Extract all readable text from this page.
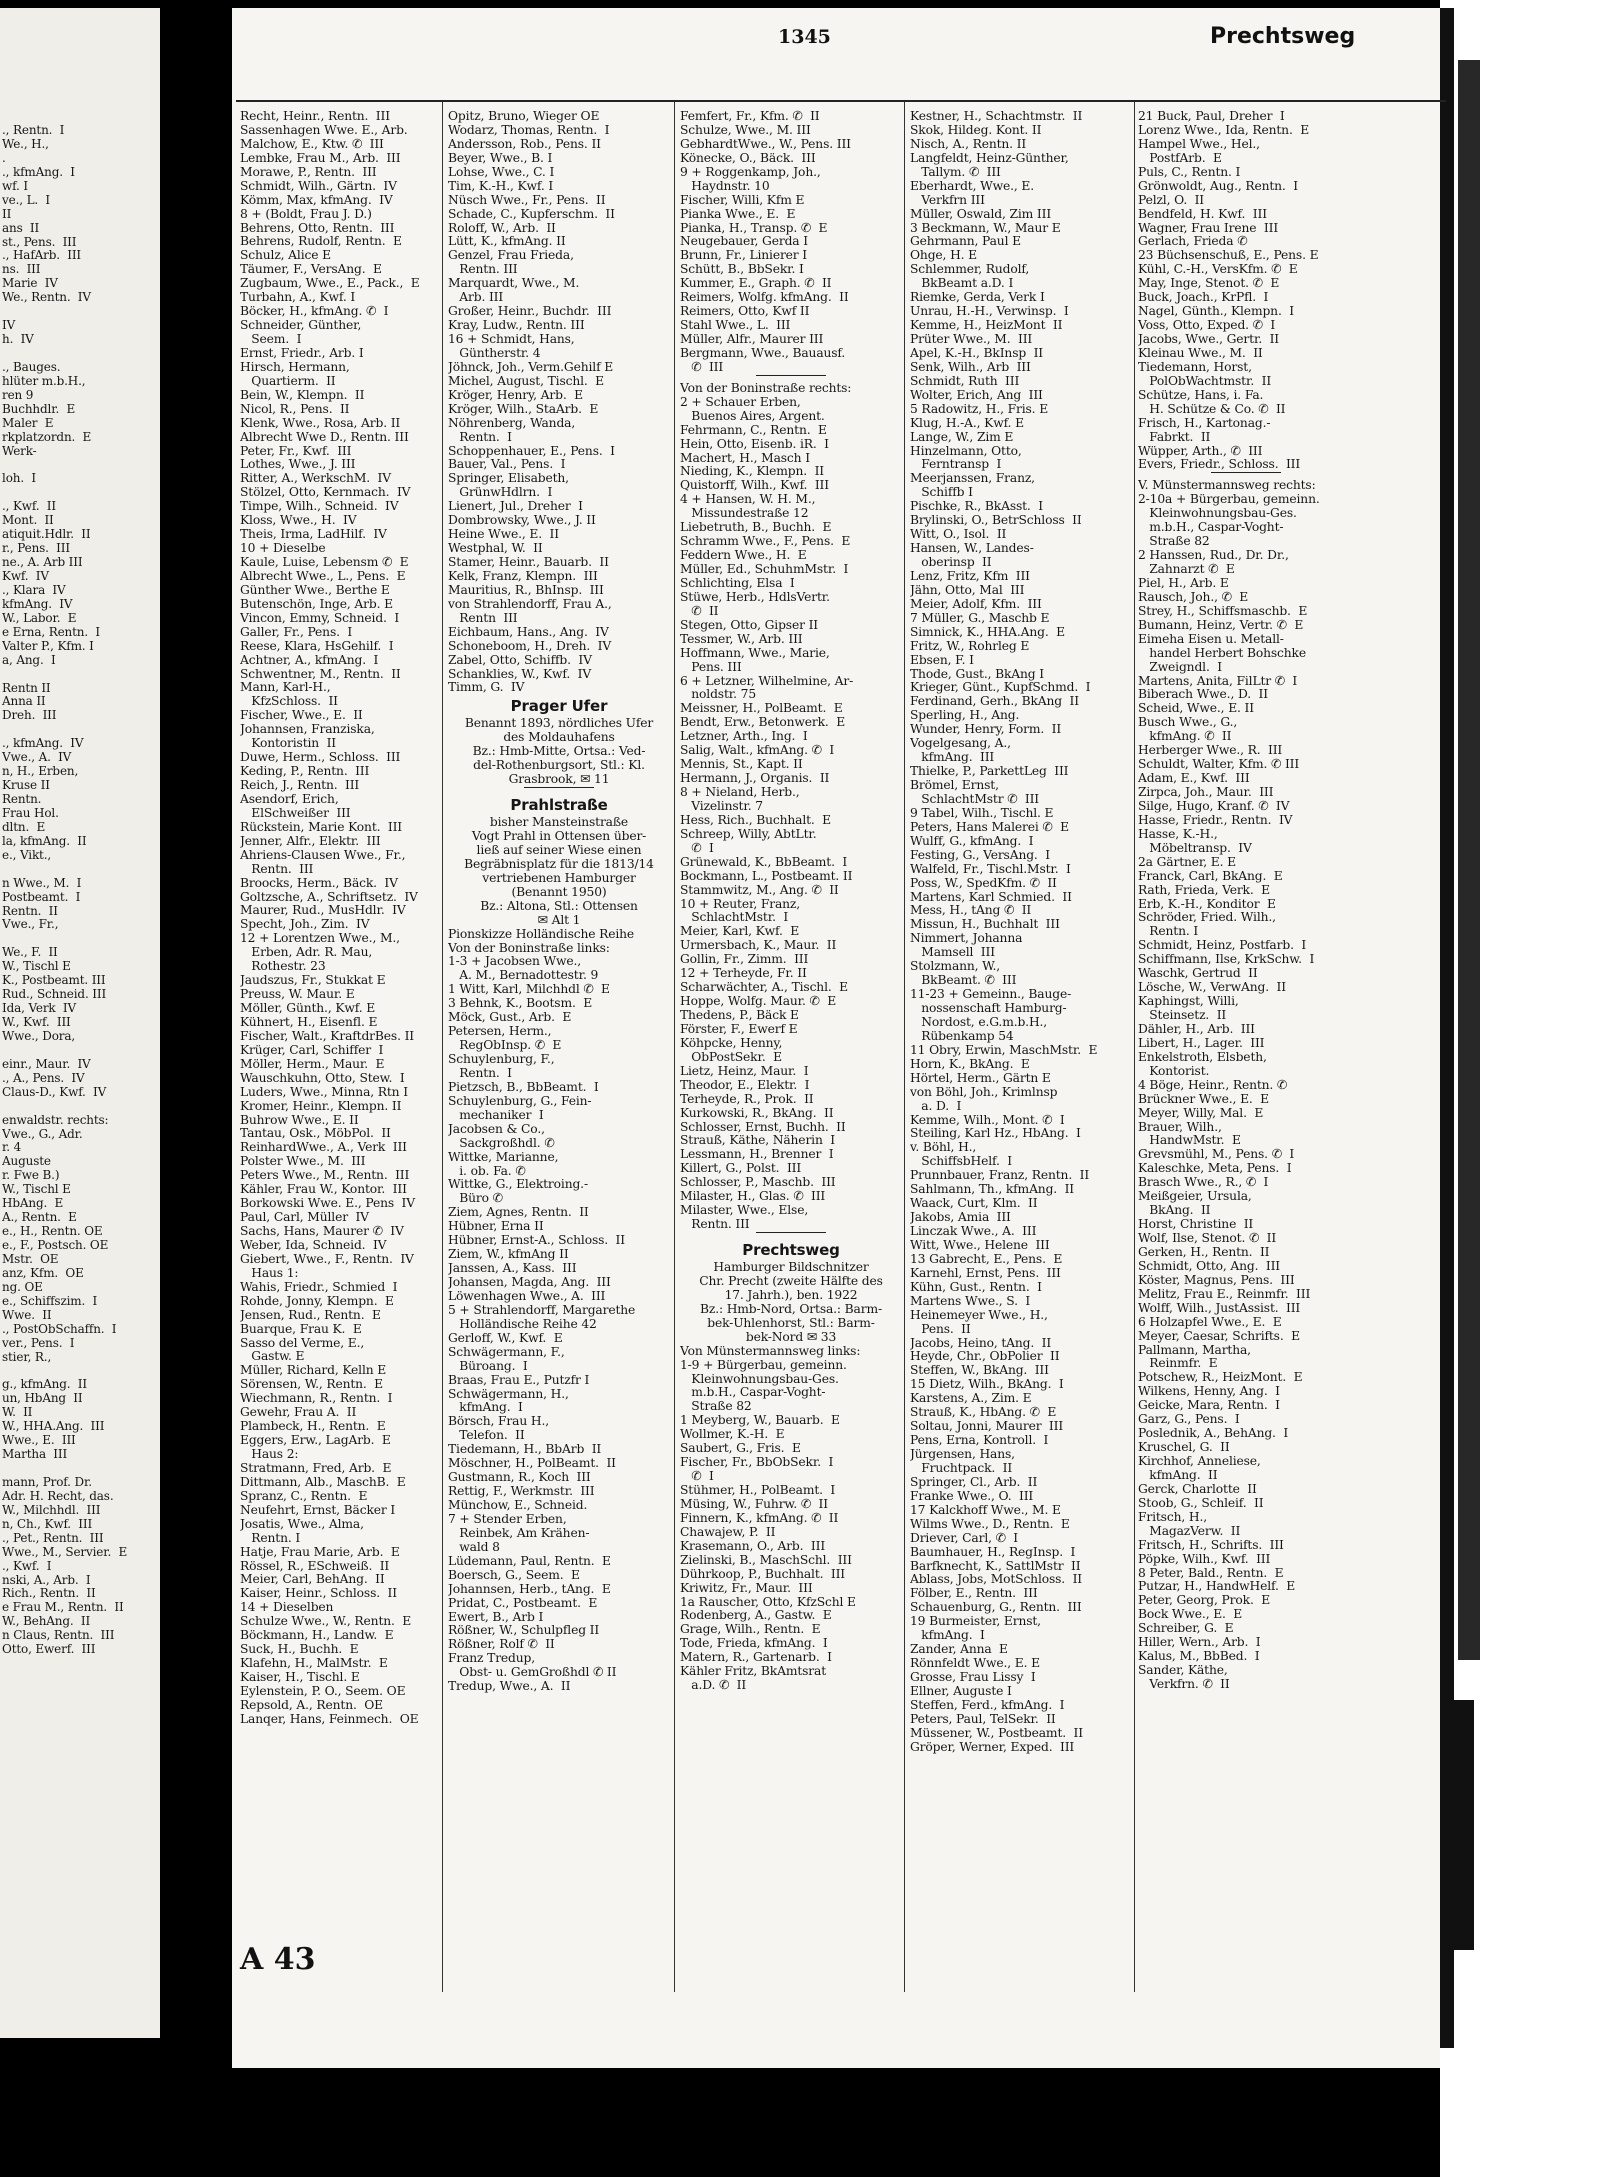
1345	Prechtsweg
., Rentn.  I
We., H.,
.
., kfmAng.  I
wf. I
ve., L.  I
II
ans  II
st., Pens.  III
., HafArb.  III
ns.  III
Marie  IV
We., Rentn.  IV
IV
h.  IV
., Bauges.
hlüter m.b.H.,
ren 9
Buchhdlr.  E
Maler  E
rkplatzordn.  E
Werk-
loh.  I
., Kwf.  II
Mont.  II
atiquit.Hdlr.  II
r., Pens.  III
ne., A. Arb III
Kwf.  IV
., Klara  IV
kfmAng.  IV
W., Labor.  E
e Erna, Rentn.  I
Valter P., Kfm. I
a, Ang.  I
Rentn II
Anna II
Dreh.  III
., kfmAng.  IV
Vwe., A.  IV
n, H., Erben,
Kruse II
Rentn.
Frau Hol.
dltn.  E
la, kfmAng.  II
e., Vikt.,
n Wwe., M.  I
Postbeamt.  I
Rentn.  II
Vwe., Fr.,
We., F.  II
W., Tischl E
K., Postbeamt. III
Rud., Schneid. III
Ida, Verk  IV
W., Kwf.  III
Wwe., Dora,
einr., Maur.  IV
., A., Pens.  IV
Claus-D., Kwf.  IV
enwaldstr. rechts:
Vwe., G., Adr.
r. 4
Auguste
r. Fwe B.)
W., Tischl E
HbAng.  E
A., Rentn.  E
e., H., Rentn. OE
e., F., Postsch. OE
Mstr.  OE
anz, Kfm.  OE
ng. OE
e., Schiffszim.  I
Wwe.  II
., PostObSchaffn.  I
ver., Pens.  I
stier, R.,
g., kfmAng.  II
un, HbAng  II
W.  II
W., HHA.Ang.  III
Wwe., E.  III
Martha  III
mann, Prof. Dr.
Adr. H. Recht, das.
W., Milchhdl.  III
n, Ch., Kwf.  III
., Pet., Rentn.  III
Wwe., M., Servier.  E
., Kwf.  I
nski, A., Arb.  I
Rich., Rentn.  II
e Frau M., Rentn.  II
W., BehAng.  II
n Claus, Rentn.  III
Otto, Ewerf.  III
Recht, Heinr., Rentn.  III
Sassenhagen Wwe. E., Arb.
Malchow, E., Ktw. ✆  III
Lembke, Frau M., Arb.  III
Morawe, P., Rentn.  III
Schmidt, Wilh., Gärtn.  IV
Kömm, Max, kfmAng.  IV
8 + (Boldt, Frau J. D.)
Behrens, Otto, Rentn.  III
Behrens, Rudolf, Rentn.  E
Schulz, Alice E
Täumer, F., VersAng.  E
Zugbaum, Wwe., E., Pack.,  E
Turbahn, A., Kwf. I
Böcker, H., kfmAng. ✆  I
Schneider, Günther,
Seem.  I
Ernst, Friedr., Arb. I
Hirsch, Hermann,
Quartierm.  II
Bein, W., Klempn.  II
Nicol, R., Pens.  II
Klenk, Wwe., Rosa, Arb. II
Albrecht Wwe D., Rentn. III
Peter, Fr., Kwf.  III
Lothes, Wwe., J. III
Ritter, A., WerkschM.  IV
Stölzel, Otto, Kernmach.  IV
Timpe, Wilh., Schneid.  IV
Kloss, Wwe., H.  IV
Theis, Irma, LadHilf.  IV
10 + Dieselbe
Kaule, Luise, Lebensm ✆  E
Albrecht Wwe., L., Pens.  E
Günther Wwe., Berthe E
Butenschön, Inge, Arb. E
Vincon, Emmy, Schneid.  I
Galler, Fr., Pens.  I
Reese, Klara, HsGehilf.  I
Achtner, A., kfmAng.  I
Schwentner, M., Rentn.  II
Mann, Karl-H.,
KfzSchloss.  II
Fischer, Wwe., E.  II
Johannsen, Franziska,
Kontoristin  II
Duwe, Herm., Schloss.  III
Keding, P., Rentn.  III
Reich, J., Rentn.  III
Asendorf, Erich,
ElSchweißer  III
Rückstein, Marie Kont.  III
Jenner, Alfr., Elektr.  III
Ahriens-Clausen Wwe., Fr.,
Rentn.  III
Broocks, Herm., Bäck.  IV
Goltzsche, A., Schriftsetz.  IV
Maurer, Rud., MusHdlr.  IV
Specht, Joh., Zim.  IV
12 + Lorentzen Wwe., M.,
Erben, Adr. R. Mau,
Rothestr. 23
Jaudszus, Fr., Stukkat E
Preuss, W. Maur. E
Möller, Günth., Kwf. E
Kühnert, H., Eisenfl. E
Fischer, Walt., KraftdrBes. II
Krüger, Carl, Schiffer  I
Möller, Herm., Maur.  E
Wauschkuhn, Otto, Stew.  I
Luders, Wwe., Minna, Rtn I
Kromer, Heinr., Klempn. II
Buhrow Wwe., E. II
Tantau, Osk., MöbPol.  II
ReinhardWwe., A., Verk  III
Polster Wwe., M.  III
Peters Wwe., M., Rentn.  III
Kähler, Frau W., Kontor.  III
Borkowski Wwe. E., Pens  IV
Paul, Carl, Müller  IV
Sachs, Hans, Maurer ✆  IV
Weber, Ida, Schneid.  IV
Giebert, Wwe., F., Rentn.  IV
Haus 1:
Wahis, Friedr., Schmied  I
Rohde, Jonny, Klempn.  E
Jensen, Rud., Rentn.  E
Buarque, Frau K.  E
Sasso del Verme, E.,
Gastw. E
Müller, Richard, Kelln E
Sörensen, W., Rentn.  E
Wiechmann, R., Rentn.  I
Gewehr, Frau A.  II
Plambeck, H., Rentn.  E
Eggers, Erw., LagArb.  E
Haus 2:
Stratmann, Fred, Arb.  E
Dittmann, Alb., MaschB.  E
Spranz, C., Rentn.  E
Neufehrt, Ernst, Bäcker I
Josatis, Wwe., Alma,
Rentn. I
Hatje, Frau Marie, Arb.  E
Rössel, R., ESchweiß.  II
Meier, Carl, BehAng.  II
Kaiser, Heinr., Schloss.  II
14 + Dieselben
Schulze Wwe., W., Rentn.  E
Böckmann, H., Landw.  E
Suck, H., Buchh.  E
Klafehn, H., MalMstr.  E
Kaiser, H., Tischl. E
Eylenstein, P. O., Seem. OE
Repsold, A., Rentn.  OE
Lanqer, Hans, Feinmech.  OE
Opitz, Bruno, Wieger OE
Wodarz, Thomas, Rentn.  I
Andersson, Rob., Pens. II
Beyer, Wwe., B. I
Lohse, Wwe., C. I
Tim, K.-H., Kwf. I
Nüsch Wwe., Fr., Pens.  II
Schade, C., Kupferschm.  II
Roloff, W., Arb.  II
Lütt, K., kfmAng. II
Genzel, Frau Frieda,
Rentn. III
Marquardt, Wwe., M.
Arb. III
Großer, Heinr., Buchdr.  III
Kray, Ludw., Rentn. III
16 + Schmidt, Hans,
Güntherstr. 4
Jöhnck, Joh., Verm.Gehilf E
Michel, August, Tischl.  E
Kröger, Henry, Arb.  E
Kröger, Wilh., StaArb.  E
Nöhrenberg, Wanda,
Rentn.  I
Schoppenhauer, E., Pens.  I
Bauer, Val., Pens.  I
Springer, Elisabeth,
GrünwHdlrn.  I
Lienert, Jul., Dreher  I
Dombrowsky, Wwe., J. II
Heine Wwe., E.  II
Westphal, W.  II
Stamer, Heinr., Bauarb.  II
Kelk, Franz, Klempn.  III
Mauritius, R., BhInsp.  III
von Strahlendorff, Frau A.,
Rentn  III
Eichbaum, Hans., Ang.  IV
Schoneboom, H., Dreh.  IV
Zabel, Otto, Schiffb.  IV
Schanklies, W., Kwf.  IV
Timm, G.  IV
Prager Ufer
Benannt 1893, nördliches Ufer
des Moldauhafens
Bz.: Hmb-Mitte, Ortsa.: Ved-
del-Rothenburgsort, Stl.: Kl.
Grasbrook, ✉ 11
Prahlstraße
bisher Mansteinstraße
Vogt Prahl in Ottensen über-
ließ auf seiner Wiese einen
Begräbnisplatz für die 1813/14
vertriebenen Hamburger
(Benannt 1950)
Bz.: Altona, Stl.: Ottensen
✉ Alt 1
Pionskizze Holländische Reihe
Von der Boninstraße links:
1-3 + Jacobsen Wwe.,
A. M., Bernadottestr. 9
1 Witt, Karl, Milchhdl ✆  E
3 Behnk, K., Bootsm.  E
Möck, Gust., Arb.  E
Petersen, Herm.,
RegObInsp. ✆  E
Schuylenburg, F.,
Rentn.  I
Pietzsch, B., BbBeamt.  I
Schuylenburg, G., Fein-
mechaniker  I
Jacobsen & Co.,
Sackgroßhdl. ✆
Wittke, Marianne,
i. ob. Fa. ✆
Wittke, G., Elektroing.-
Büro ✆
Ziem, Agnes, Rentn.  II
Hübner, Erna II
Hübner, Ernst-A., Schloss.  II
Ziem, W., kfmAng II
Janssen, A., Kass.  III
Johansen, Magda, Ang.  III
Löwenhagen Wwe., A.  III
5 + Strahlendorff, Margarethe
Holländische Reihe 42
Gerloff, W., Kwf.  E
Schwägermann, F.,
Büroang.  I
Braas, Frau E., Putzfr I
Schwägermann, H.,
kfmAng.  I
Börsch, Frau H.,
Telefon.  II
Tiedemann, H., BbArb  II
Möschner, H., PolBeamt.  II
Gustmann, R., Koch  III
Rettig, F., Werkmstr.  III
Münchow, E., Schneid.
7 + Stender Erben,
Reinbek, Am Krähen-
wald 8
Lüdemann, Paul, Rentn.  E
Boersch, G., Seem.  E
Johannsen, Herb., tAng.  E
Pridat, C., Postbeamt.  E
Ewert, B., Arb I
Rößner, W., Schulpfleg II
Rößner, Rolf ✆  II
Franz Tredup,
Obst- u. GemGroßhdl ✆ II
Tredup, Wwe., A.  II
Femfert, Fr., Kfm. ✆  II
Schulze, Wwe., M. III
GebhardtWwe., W., Pens. III
Könecke, O., Bäck.  III
9 + Roggenkamp, Joh.,
Haydnstr. 10
Fischer, Willi, Kfm E
Pianka Wwe., E.  E
Pianka, H., Transp. ✆  E
Neugebauer, Gerda I
Brunn, Fr., Linierer I
Schütt, B., BbSekr. I
Kummer, E., Graph. ✆  II
Reimers, Wolfg. kfmAng.  II
Reimers, Otto, Kwf II
Stahl Wwe., L.  III
Müller, Alfr., Maurer III
Bergmann, Wwe., Bauausf.
✆  III
Von der Boninstraße rechts:
2 + Schauer Erben,
Buenos Aires, Argent.
Fehrmann, C., Rentn.  E
Hein, Otto, Eisenb. iR.  I
Machert, H., Masch I
Nieding, K., Klempn.  II
Quistorff, Wilh., Kwf.  III
4 + Hansen, W. H. M.,
Missundestraße 12
Liebetruth, B., Buchh.  E
Schramm Wwe., F., Pens.  E
Feddern Wwe., H.  E
Müller, Ed., SchuhmMstr.  I
Schlichting, Elsa  I
Stüwe, Herb., HdlsVertr.
✆  II
Stegen, Otto, Gipser II
Tessmer, W., Arb. III
Hoffmann, Wwe., Marie,
Pens. III
6 + Letzner, Wilhelmine, Ar-
noldstr. 75
Meissner, H., PolBeamt.  E
Bendt, Erw., Betonwerk.  E
Letzner, Arth., Ing.  I
Salig, Walt., kfmAng. ✆  I
Mennis, St., Kapt. II
Hermann, J., Organis.  II
8 + Nieland, Herb.,
Vizelinstr. 7
Hess, Rich., Buchhalt.  E
Schreep, Willy, AbtLtr.
✆  I
Grünewald, K., BbBeamt.  I
Bockmann, L., Postbeamt. II
Stammwitz, M., Ang. ✆  II
10 + Reuter, Franz,
SchlachtMstr.  I
Meier, Karl, Kwf.  E
Urmersbach, K., Maur.  II
Gollin, Fr., Zimm.  III
12 + Terheyde, Fr. II
Scharwächter, A., Tischl.  E
Hoppe, Wolfg. Maur. ✆  E
Thedens, P., Bäck E
Förster, F., Ewerf E
Köhpcke, Henny,
ObPostSekr.  E
Lietz, Heinz, Maur.  I
Theodor, E., Elektr.  I
Terheyde, R., Prok.  II
Kurkowski, R., BkAng.  II
Schlosser, Ernst, Buchh.  II
Strauß, Käthe, Näherin  I
Lessmann, H., Brenner  I
Killert, G., Polst.  III
Schlosser, P., Maschb.  III
Milaster, H., Glas. ✆  III
Milaster, Wwe., Else,
Rentn. III
Prechtsweg
Hamburger Bildschnitzer
Chr. Precht (zweite Hälfte des
17. Jahrh.), ben. 1922
Bz.: Hmb-Nord, Ortsa.: Barm-
bek-Uhlenhorst, Stl.: Barm-
bek-Nord ✉ 33
Von Münstermannsweg links:
1-9 + Bürgerbau, gemeinn.
Kleinwohnungsbau-Ges.
m.b.H., Caspar-Voght-
Straße 82
1 Meyberg, W., Bauarb.  E
Wollmer, K.-H.  E
Saubert, G., Fris.  E
Fischer, Fr., BbObSekr.  I
✆  I
Stühmer, H., PolBeamt.  I
Müsing, W., Fuhrw. ✆  II
Finnern, K., kfmAng. ✆  II
Chawajew, P.  II
Krasemann, O., Arb.  III
Zielinski, B., MaschSchl.  III
Dührkoop, P., Buchhalt.  III
Kriwitz, Fr., Maur.  III
1a Rauscher, Otto, KfzSchl E
Rodenberg, A., Gastw.  E
Grage, Wilh., Rentn.  E
Tode, Frieda, kfmAng.  I
Matern, R., Gartenarb.  I
Kähler Fritz, BkAmtsrat
a.D. ✆  II
Kestner, H., Schachtmstr.  II
Skok, Hildeg. Kont. II
Nisch, A., Rentn. II
Langfeldt, Heinz-Günther,
Tallym. ✆  III
Eberhardt, Wwe., E.
Verkfrn III
Müller, Oswald, Zim III
3 Beckmann, W., Maur E
Gehrmann, Paul E
Ohge, H. E
Schlemmer, Rudolf,
BkBeamt a.D. I
Riemke, Gerda, Verk I
Unrau, H.-H., Verwinsp.  I
Kemme, H., HeizMont  II
Prüter Wwe., M.  III
Apel, K.-H., BkInsp  II
Senk, Wilh., Arb  III
Schmidt, Ruth  III
Wolter, Erich, Ang  III
5 Radowitz, H., Fris. E
Klug, H.-A., Kwf. E
Lange, W., Zim E
Hinzelmann, Otto,
Ferntransp  I
Meerjanssen, Franz,
Schiffb I
Pischke, R., BkAsst.  I
Brylinski, O., BetrSchloss  II
Witt, O., Isol.  II
Hansen, W., Landes-
oberinsp  II
Lenz, Fritz, Kfm  III
Jähn, Otto, Mal  III
Meier, Adolf, Kfm.  III
7 Müller, G., Maschb E
Simnick, K., HHA.Ang.  E
Fritz, W., Rohrleg E
Ebsen, F. I
Thode, Gust., BkAng I
Krieger, Günt., KupfSchmd.  I
Ferdinand, Gerh., BkAng  II
Sperling, H., Ang.
Wunder, Henry, Form.  II
Vogelgesang, A.,
kfmAng.  III
Thielke, P., ParkettLeg  III
Brömel, Ernst,
SchlachtMstr ✆  III
9 Tabel, Wilh., Tischl. E
Peters, Hans Malerei ✆  E
Wulff, G., kfmAng.  I
Festing, G., VersAng.  I
Walfeld, Fr., Tischl.Mstr.  I
Poss, W., SpedKfm. ✆  II
Martens, Karl Schmied.  II
Mess, H., tAng ✆  II
Missun, H., Buchhalt  III
Nimmert, Johanna
Mamsell  III
Stolzmann, W.,
BkBeamt. ✆  III
11-23 + Gemeinn., Bauge-
nossenschaft Hamburg-
Nordost, e.G.m.b.H.,
Rübenkamp 54
11 Obry, Erwin, MaschMstr.  E
Horn, K., BkAng.  E
Hörtel, Herm., Gärtn E
von Böhl, Joh., Krimlnsp
a. D.  I
Kemme, Wilh., Mont. ✆  I
Steiling, Karl Hz., HbAng.  I
v. Böhl, H.,
SchiffsbHelf.  I
Prunnbauer, Franz, Rentn.  II
Sahlmann, Th., kfmAng.  II
Waack, Curt, Klm.  II
Jakobs, Amia  III
Linczak Wwe., A.  III
Witt, Wwe., Helene  III
13 Gabrecht, E., Pens.  E
Karnehl, Ernst, Pens.  III
Kühn, Gust., Rentn.  I
Martens Wwe., S.  I
Heinemeyer Wwe., H.,
Pens.  II
Jacobs, Heino, tAng.  II
Heyde, Chr., ObPolier  II
Steffen, W., BkAng.  III
15 Dietz, Wilh., BkAng.  I
Karstens, A., Zim. E
Strauß, K., HbAng. ✆  E
Soltau, Jonni, Maurer  III
Pens, Erna, Kontroll.  I
Jürgensen, Hans,
Fruchtpack.  II
Springer, Cl., Arb.  II
Franke Wwe., O.  III
17 Kalckhoff Wwe., M. E
Wilms Wwe., D., Rentn.  E
Driever, Carl, ✆  I
Baumhauer, H., RegInsp.  I
Barfknecht, K., SattlMstr  II
Ablass, Jobs, MotSchloss.  II
Fölber, E., Rentn.  III
Schauenburg, G., Rentn.  III
19 Burmeister, Ernst,
kfmAng.  I
Zander, Anna  E
Rönnfeldt Wwe., E. E
Grosse, Frau Lissy  I
Ellner, Auguste I
Steffen, Ferd., kfmAng.  I
Peters, Paul, TelSekr.  II
Müssener, W., Postbeamt.  II
Gröper, Werner, Exped.  III
21 Buck, Paul, Dreher  I
Lorenz Wwe., Ida, Rentn.  E
Hampel Wwe., Hel.,
PostfArb.  E
Puls, C., Rentn. I
Grönwoldt, Aug., Rentn.  I
Pelzl, O.  II
Bendfeld, H. Kwf.  III
Wagner, Frau Irene  III
Gerlach, Frieda ✆
23 Büchsenschuß, E., Pens. E
Kühl, C.-H., VersKfm. ✆  E
May, Inge, Stenot. ✆  E
Buck, Joach., KrPfl.  I
Nagel, Günth., Klempn.  I
Voss, Otto, Exped. ✆  I
Jacobs, Wwe., Gertr.  II
Kleinau Wwe., M.  II
Tiedemann, Horst,
PolObWachtmstr.  II
Schütze, Hans, i. Fa.
H. Schütze & Co. ✆  II
Frisch, H., Kartonag.-
Fabrkt.  II
Wüpper, Arth., ✆  III
Evers, Friedr., Schloss.  III
V. Münstermannsweg rechts:
2-10a + Bürgerbau, gemeinn.
Kleinwohnungsbau-Ges.
m.b.H., Caspar-Voght-
Straße 82
2 Hanssen, Rud., Dr. Dr.,
Zahnarzt ✆  E
Piel, H., Arb. E
Rausch, Joh., ✆  E
Strey, H., Schiffsmaschb.  E
Bumann, Heinz, Vertr. ✆  E
Eimeha Eisen u. Metall-
handel Herbert Bohschke
Zweigndl.  I
Martens, Anita, FilLtr ✆  I
Biberach Wwe., D.  II
Scheid, Wwe., E. II
Busch Wwe., G.,
kfmAng. ✆  II
Herberger Wwe., R.  III
Schuldt, Walter, Kfm. ✆ III
Adam, E., Kwf.  III
Zirpca, Joh., Maur.  III
Silge, Hugo, Kranf. ✆  IV
Hasse, Friedr., Rentn.  IV
Hasse, K.-H.,
Möbeltransp.  IV
2a Gärtner, E. E
Franck, Carl, BkAng.  E
Rath, Frieda, Verk.  E
Erb, K.-H., Konditor  E
Schröder, Fried. Wilh.,
Rentn. I
Schmidt, Heinz, Postfarb.  I
Schiffmann, Ilse, KrkSchw.  I
Waschk, Gertrud  II
Lösche, W., VerwAng.  II
Kaphingst, Willi,
Steinsetz.  II
Dähler, H., Arb.  III
Libert, H., Lager.  III
Enkelstroth, Elsbeth,
Kontorist.
4 Böge, Heinr., Rentn. ✆
Brückner Wwe., E.  E
Meyer, Willy, Mal.  E
Brauer, Wilh.,
HandwMstr.  E
Grevsmühl, M., Pens. ✆  I
Kaleschke, Meta, Pens.  I
Brasch Wwe., R., ✆  I
Meißgeier, Ursula,
BkAng.  II
Horst, Christine  II
Wolf, Ilse, Stenot. ✆  II
Gerken, H., Rentn.  II
Schmidt, Otto, Ang.  III
Köster, Magnus, Pens.  III
Melitz, Frau E., Reinmfr.  III
Wolff, Wilh., JustAssist.  III
6 Holzapfel Wwe., E.  E
Meyer, Caesar, Schrifts.  E
Pallmann, Martha,
Reinmfr.  E
Potschew, R., HeizMont.  E
Wilkens, Henny, Ang.  I
Geicke, Mara, Rentn.  I
Garz, G., Pens.  I
Poslednik, A., BehAng.  I
Kruschel, G.  II
Kirchhof, Anneliese,
kfmAng.  II
Gerck, Charlotte  II
Stoob, G., Schleif.  II
Fritsch, H.,
MagazVerw.  II
Fritsch, H., Schrifts.  III
Pöpke, Wilh., Kwf.  III
8 Peter, Bald., Rentn.  E
Putzar, H., HandwHelf.  E
Peter, Georg, Prok.  E
Bock Wwe., E.  E
Schreiber, G.  E
Hiller, Wern., Arb.  I
Kalus, M., BbBed.  I
Sander, Käthe,
Verkfrn. ✆  II
A 43
